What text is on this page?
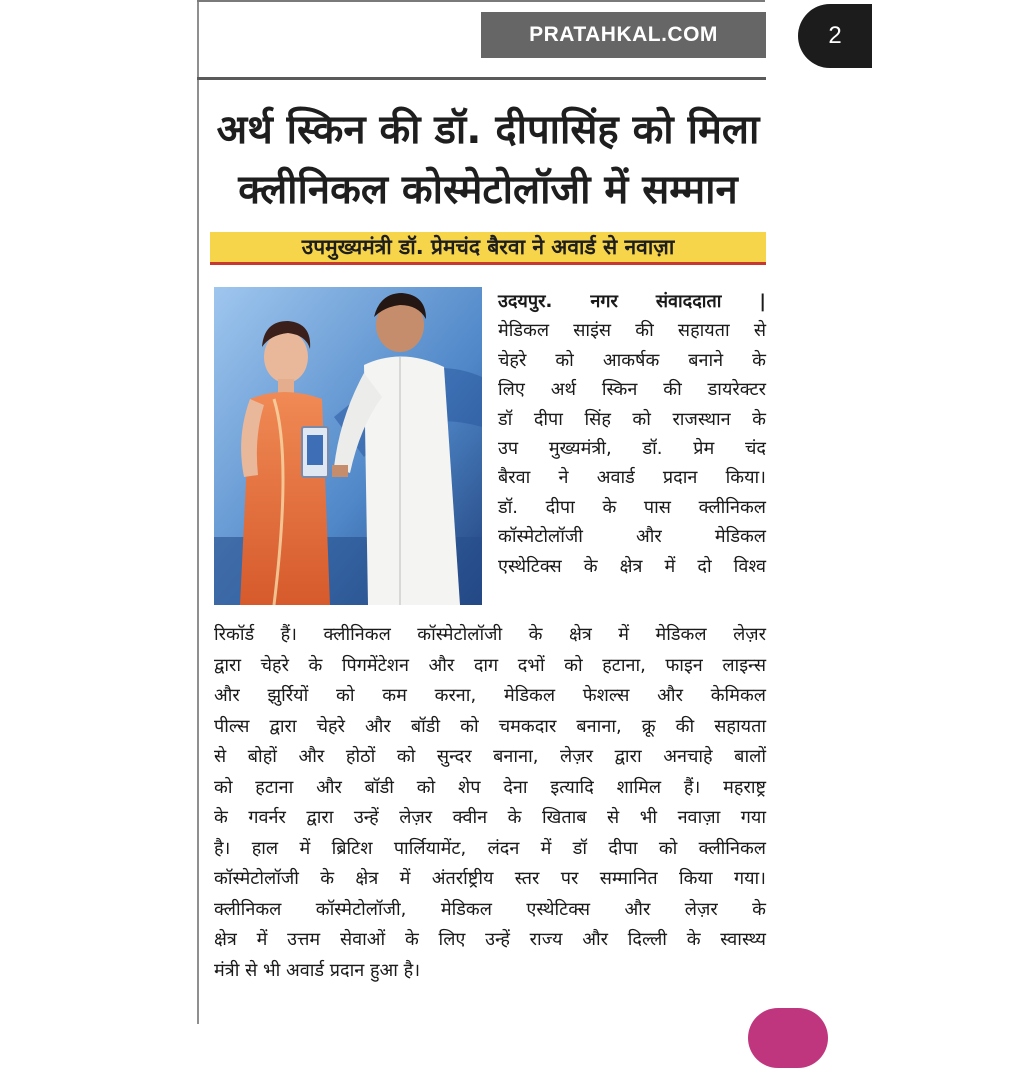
PRATAHKAL.COM	2
अर्थ स्किन की डॉ. दीपासिंह को मिला
क्लीनिकल कोस्मेटोलॉजी में सम्मान
उपमुख्यमंत्री डॉ. प्रेमचंद बैरवा ने अवार्ड से नवाज़ा

उदयपुर. नगर संवाददाता |
मेडिकल साइंस की सहायता से
चेहरे को आकर्षक बनाने के
लिए अर्थ स्किन की डायरेक्टर
डॉ दीपा सिंह को राजस्थान के
उप मुख्यमंत्री, डॉ. प्रेम चंद
बैरवा ने अवार्ड प्रदान किया।
डॉ. दीपा के पास क्लीनिकल
कॉस्मेटोलॉजी और मेडिकल
एस्थेटिक्स के क्षेत्र में दो विश्व

रिकॉर्ड हैं। क्लीनिकल कॉस्मेटोलॉजी के क्षेत्र में मेडिकल लेज़र
द्वारा चेहरे के पिगमेंटेशन और दाग दभों को हटाना, फाइन लाइन्स
और झुर्रियों को कम करना, मेडिकल फेशल्स और केमिकल
पील्स द्वारा चेहरे और बॉडी को चमकदार बनाना, क्रू की सहायता
से बोहों और होठों को सुन्दर बनाना, लेज़र द्वारा अनचाहे बालों
को हटाना और बॉडी को शेप देना इत्यादि शामिल हैं। महराष्ट्र
के गवर्नर द्वारा उन्हें लेज़र क्वीन के खिताब से भी नवाज़ा गया
है। हाल में ब्रिटिश पार्लियामेंट, लंदन में डॉ दीपा को क्लीनिकल
कॉस्मेटोलॉजी के क्षेत्र में अंतर्राष्ट्रीय स्तर पर सम्मानित किया गया।
क्लीनिकल कॉस्मेटोलॉजी, मेडिकल एस्थेटिक्स और लेज़र के
क्षेत्र में उत्तम सेवाओं के लिए उन्हें राज्य और दिल्ली के स्वास्थ्य
मंत्री से भी अवार्ड प्रदान हुआ है।
